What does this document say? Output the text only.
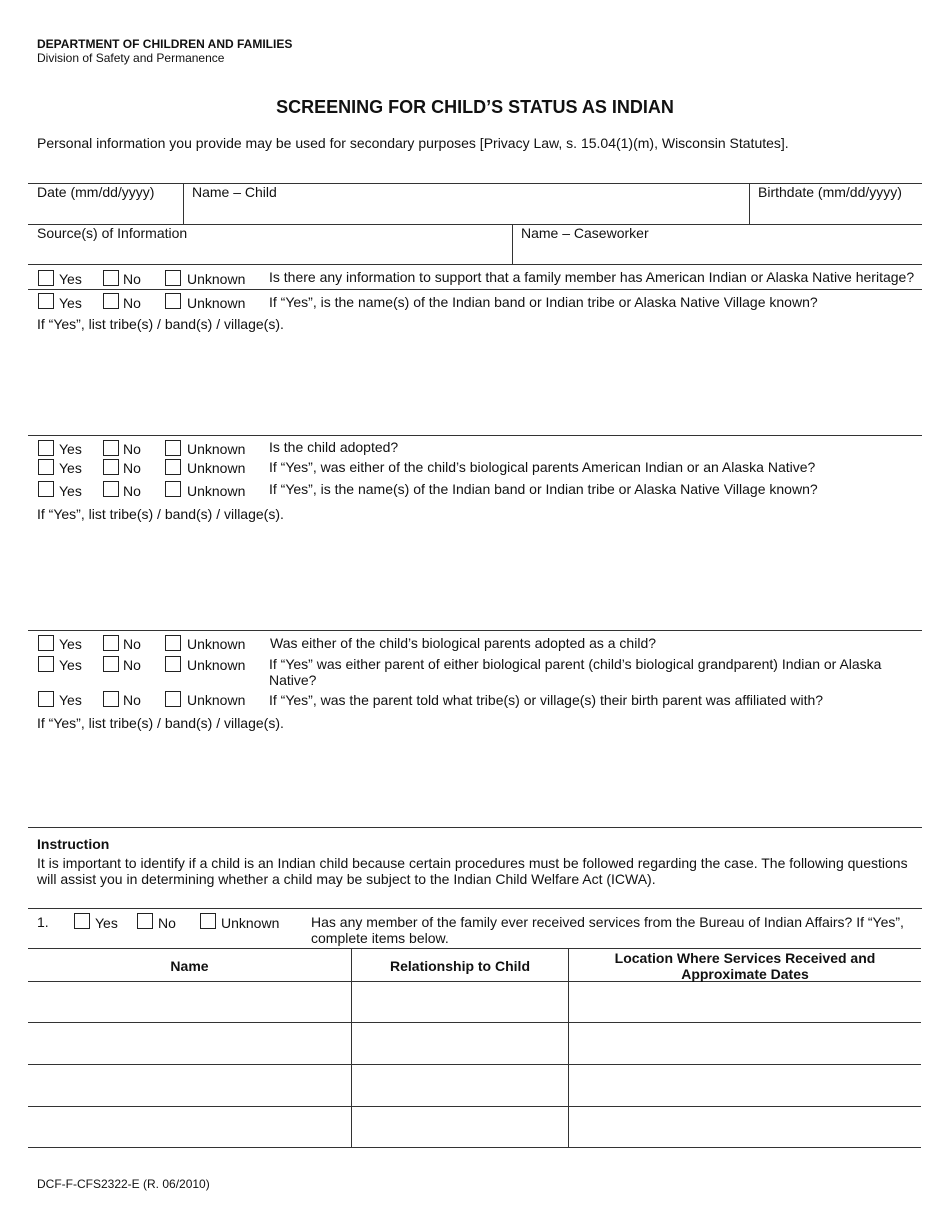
DEPARTMENT OF CHILDREN AND FAMILIES
Division of Safety and Permanence
SCREENING FOR CHILD’S STATUS AS INDIAN
Personal information you provide may be used for secondary purposes [Privacy Law, s. 15.04(1)(m), Wisconsin Statutes].
Date (mm/dd/yyyy)	Name – Child	Birthdate (mm/dd/yyyy)
Source(s) of Information	Name – Caseworker
Yes	No	Unknown Is there any information to support that a family member has American Indian or Alaska Native heritage?
Yes	No	Unknown If “Yes”, is the name(s) of the Indian band or Indian tribe or Alaska Native Village known?
If “Yes”, list tribe(s) / band(s) / village(s).
Yes	No	Unknown Is the child adopted?
Yes	No	Unknown If “Yes”, was either of the child’s biological parents American Indian or an Alaska Native?
Yes	No	Unknown If “Yes”, is the name(s) of the Indian band or Indian tribe or Alaska Native Village known?
If “Yes”, list tribe(s) / band(s) / village(s).
Yes	No	Unknown Was either of the child’s biological parents adopted as a child?
Yes	No	Unknown If “Yes” was either parent of either biological parent (child’s biological grandparent) Indian or Alaska Native?
Yes	No	Unknown If “Yes”, was the parent told what tribe(s) or village(s) their birth parent was affiliated with?
If “Yes”, list tribe(s) / band(s) / village(s).
Instruction
It is important to identify if a child is an Indian child because certain procedures must be followed regarding the case. The following questions will assist you in determining whether a child may be subject to the Indian Child Welfare Act (ICWA).
1.	Yes	No	Unknown Has any member of the family ever received services from the Bureau of Indian Affairs? If “Yes”, complete items below.
Name	Relationship to Child	Location Where Services Received and Approximate Dates
DCF-F-CFS2322-E (R. 06/2010)
